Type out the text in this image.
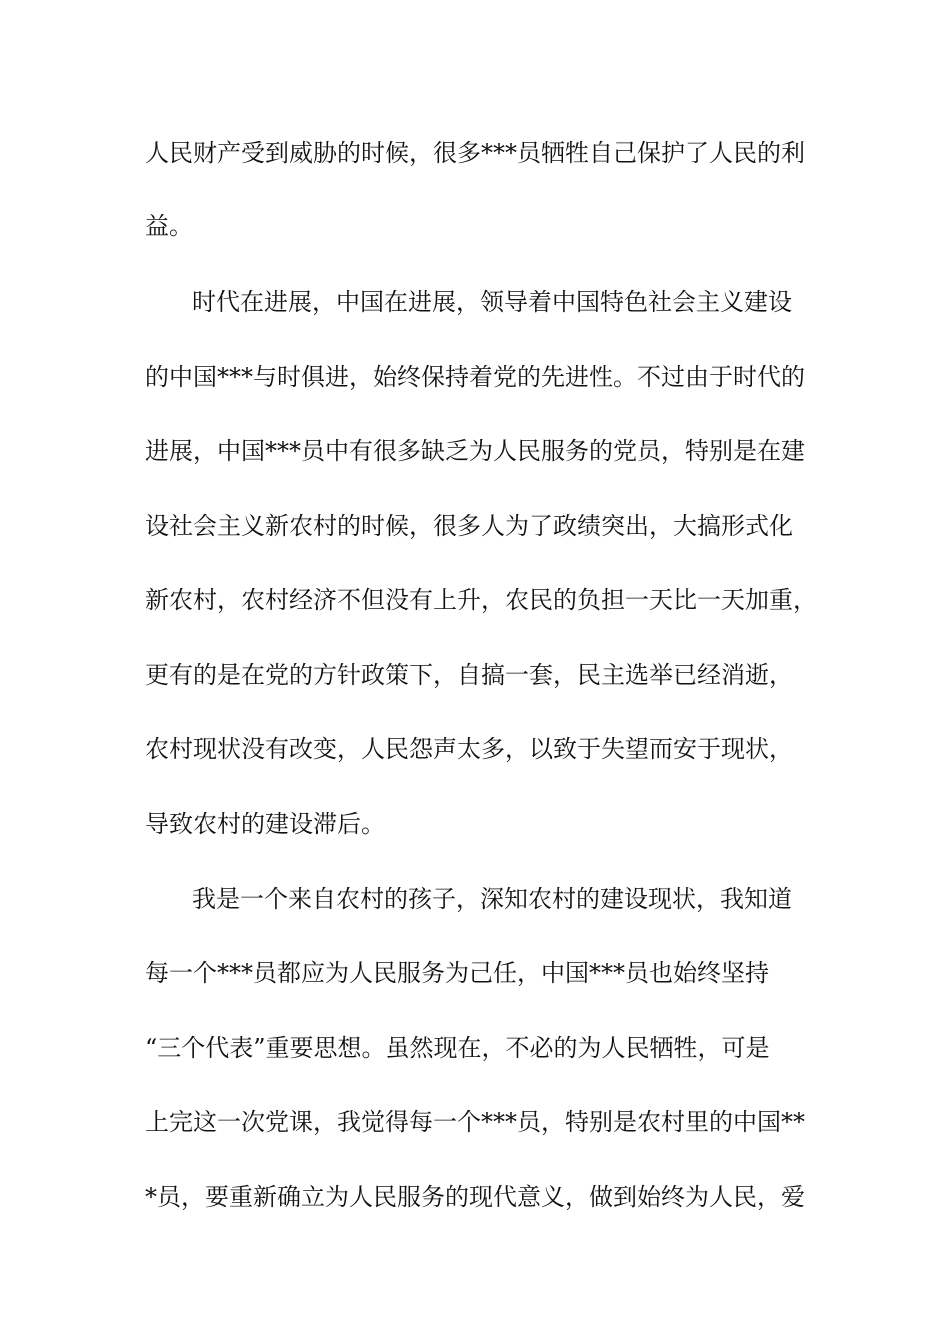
人民财产受到威胁的时候，很多***员牺牲自己保护了人民的利
益。
时代在进展，中国在进展，领导着中国特色社会主义建设
的中国***与时俱进，始终保持着党的先进性。不过由于时代的
进展，中国***员中有很多缺乏为人民服务的党员，特别是在建
设社会主义新农村的时候，很多人为了政绩突出，大搞形式化
新农村，农村经济不但没有上升，农民的负担一天比一天加重，
更有的是在党的方针政策下，自搞一套，民主选举已经消逝，
农村现状没有改变，人民怨声太多，以致于失望而安于现状，
导致农村的建设滞后。
我是一个来自农村的孩子，深知农村的建设现状，我知道
每一个***员都应为人民服务为己任，中国***员也始终坚持
“三个代表”重要思想。虽然现在，不必的为人民牺牲，可是
上完这一次党课，我觉得每一个***员，特别是农村里的中国**
*员，要重新确立为人民服务的现代意义，做到始终为人民，爱
